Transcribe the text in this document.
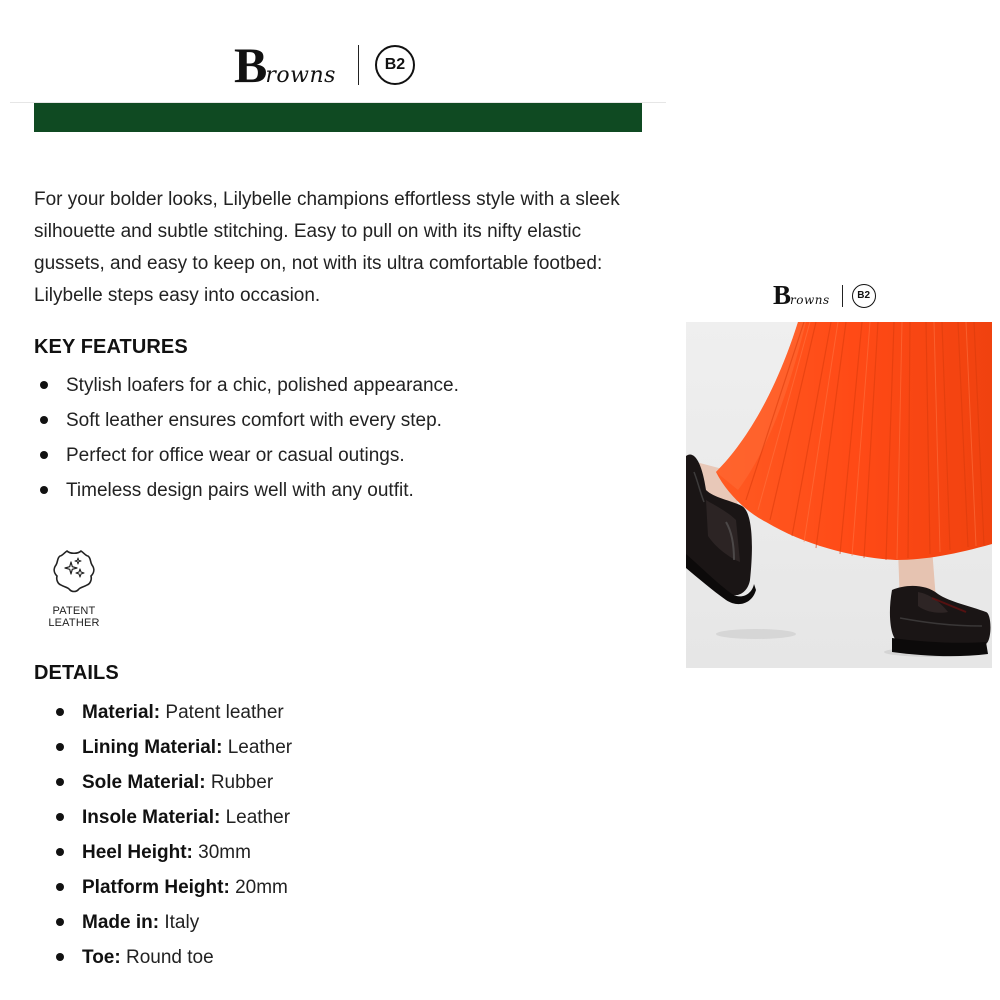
B
rowns	B2

For your bolder looks, Lilybelle champions effortless style with a sleek silhouette and subtle stitching. Easy to pull on with its nifty elastic gussets, and easy to keep on, not with its ultra comfortable footbed: Lilybelle steps easy into occasion.

KEY FEATURES
Stylish loafers for a chic, polished appearance.
Soft leather ensures comfort with every step.
Perfect for office wear or casual outings.
Timeless design pairs well with any outfit.
PATENT
LEATHER
DETAILS
Material: Patent leather
Lining Material: Leather
Sole Material: Rubber
Insole Material: Leather
Heel Height: 30mm
Platform Height: 20mm
Made in: Italy
Toe: Round toe
B rowns	B2
